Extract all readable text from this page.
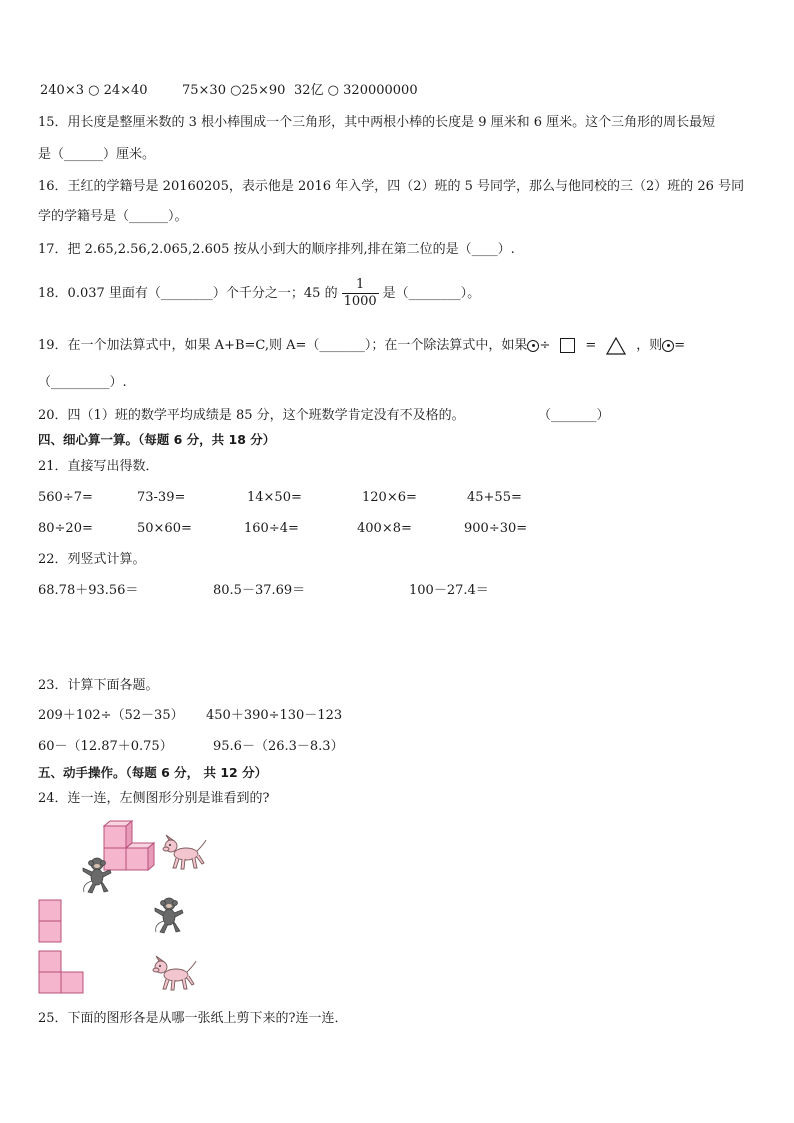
240×3 ○ 24×40	75×30 ○25×90 32亿 ○ 320000000
15．用长度是整厘米数的 3 根小棒围成一个三角形，其中两根小棒的长度是 9 厘米和 6 厘米。这个三角形的周长最短
是（______）厘米。
16．王红的学籍号是 20160205，表示他是 2016 年入学，四（2）班的 5 号同学，那么与他同校的三（2）班的 26 号同
学的学籍号是（______）。
17．把 2.65,2.56,2.065,2.605 按从小到大的顺序排列,排在第二位的是（____）.
18．0.037 里面有（________）个千分之一；45 的 $\frac{1}{1000}$ 是（________）。
19．在一个加法算式中，如果 A+B=C,则 A=（_______）；在一个除法算式中，如果 ÷	=	，则 =
（_________）.
20．四（1）班的数学平均成绩是 85 分，这个班数学肯定没有不及格的。	（_______）
四、细心算一算。（每题 6 分，共 18 分）
21．直接写出得数．
560÷7=	73-39=	14×50=	120×6=	45+55=
80÷20=	50×60=	160÷4=	400×8=	900÷30=
22．列竖式计算。
68.78＋93.56＝	80.5－37.69＝	100－27.4＝
23．计算下面各题。
209＋102÷（52－35） 450＋390÷130－123
60－（12.87＋0.75）	95.6－（26.3－8.3）
五、动手操作。（每题 6 分， 共 12 分）
24．连一连，左侧图形分别是谁看到的?
25．下面的图形各是从哪一张纸上剪下来的?连一连．
